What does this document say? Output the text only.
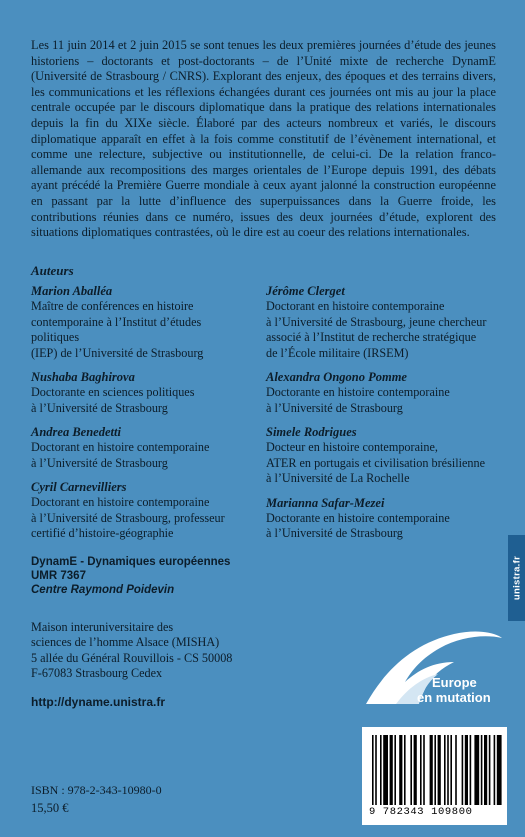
Les 11 juin 2014 et 2 juin 2015 se sont tenues les deux premières journées d’étude des jeunes historiens – doctorants et post-doctorants – de l’Unité mixte de recherche DynamE (Université de Strasbourg / CNRS). Explorant des enjeux, des époques et des terrains divers, les communications et les réflexions échangées durant ces journées ont mis au jour la place centrale occupée par le discours diplomatique dans la pratique des relations internationales depuis la fin du XIXe siècle. Élaboré par des acteurs nombreux et variés, le discours diplomatique apparaît en effet à la fois comme constitutif de l’évènement international, et comme une relecture, subjective ou institutionnelle, de celui-ci. De la relation franco-allemande aux recompositions des marges orientales de l’Europe depuis 1991, des débats ayant précédé la Première Guerre mondiale à ceux ayant jalonné la construction européenne en passant par la lutte d’influence des superpuissances dans la Guerre froide, les contributions réunies dans ce numéro, issues des deux journées d’étude, explorent des situations diplomatiques contrastées, où le dire est au coeur des relations internationales.

Auteurs
Marion Aballéa
Maître de conférences en histoire
contemporaine à l’Institut d’études politiques
(IEP) de l’Université de Strasbourg
Nushaba Baghirova
Doctorante en sciences politiques
à l’Université de Strasbourg
Andrea Benedetti
Doctorant en histoire contemporaine
à l’Université de Strasbourg
Cyril Carnevilliers
Doctorant en histoire contemporaine
à l’Université de Strasbourg, professeur
certifié d’histoire-géographie
Jérôme Clerget
Doctorant en histoire contemporaine
à l’Université de Strasbourg, jeune chercheur
associé à l’Institut de recherche stratégique
de l’École militaire (IRSEM)
Alexandra Ongono Pomme
Doctorante en histoire contemporaine
à l’Université de Strasbourg
Simele Rodrigues
Docteur en histoire contemporaine,
ATER en portugais et civilisation brésilienne
à l’Université de La Rochelle
Marianna Safar-Mezei
Doctorante en histoire contemporaine
à l’Université de Strasbourg
DynamE - Dynamiques européennes
UMR 7367
Centre Raymond Poidevin
Maison interuniversitaire des
sciences de l’homme Alsace (MISHA)
5 allée du Général Rouvillois - CS 50008
F-67083 Strasbourg Cedex
http://dyname.unistra.fr
Europe
en mutation
unistra.fr
9 782343 109800
ISBN : 978-2-343-10980-0
15,50 €
